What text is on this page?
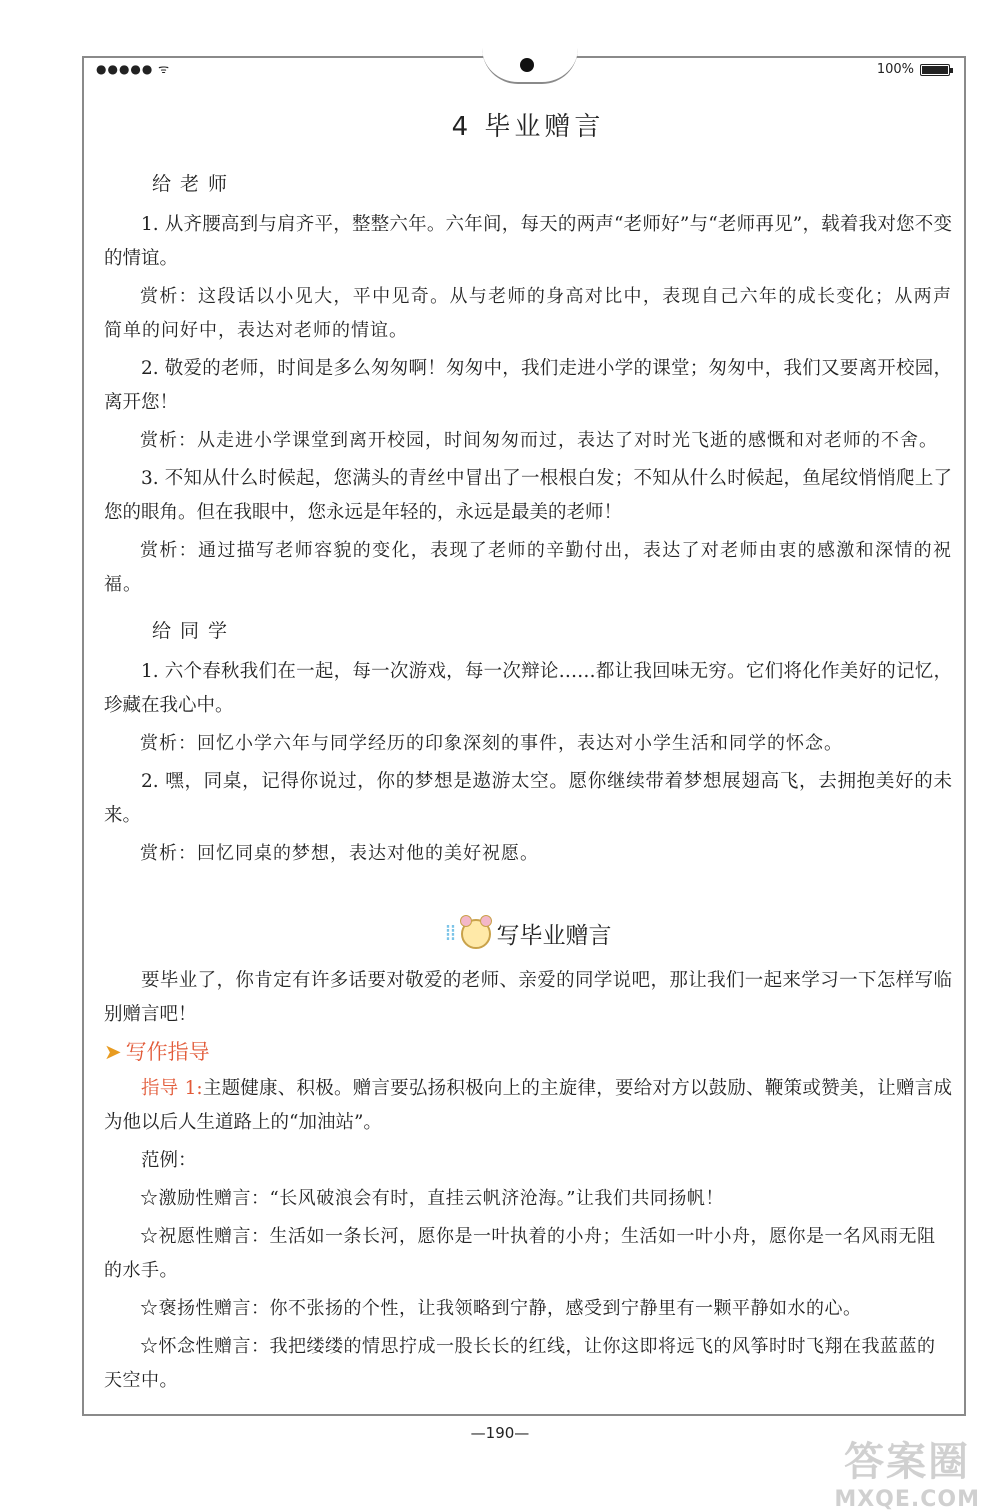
●●●●● ᯤ	100%
4 毕业赠言
给老师

1. 从齐腰高到与肩齐平，整整六年。六年间，每天的两声“老师好”与“老师再见”，载着我对您不变的情谊。

赏析：这段话以小见大，平中见奇。从与老师的身高对比中，表现自己六年的成长变化；从两声简单的问好中，表达对老师的情谊。

2. 敬爱的老师，时间是多么匆匆啊！匆匆中，我们走进小学的课堂；匆匆中，我们又要离开校园，离开您！

赏析：从走进小学课堂到离开校园，时间匆匆而过，表达了对时光飞逝的感慨和对老师的不舍。

3. 不知从什么时候起，您满头的青丝中冒出了一根根白发；不知从什么时候起，鱼尾纹悄悄爬上了您的眼角。但在我眼中，您永远是年轻的，永远是最美的老师！

赏析：通过描写老师容貌的变化，表现了老师的辛勤付出，表达了对老师由衷的感激和深情的祝福。

给同学

1. 六个春秋我们在一起，每一次游戏，每一次辩论……都让我回味无穷。它们将化作美好的记忆，珍藏在我心中。

赏析：回忆小学六年与同学经历的印象深刻的事件，表达对小学生活和同学的怀念。

2. 嘿，同桌，记得你说过，你的梦想是遨游太空。愿你继续带着梦想展翅高飞，去拥抱美好的未来。

赏析：回忆同桌的梦想，表达对他的美好祝愿。

⁞⁞ 写毕业赠言

要毕业了，你肯定有许多话要对敬爱的老师、亲爱的同学说吧，那让我们一起来学习一下怎样写临别赠言吧！

➤ 写作指导

指导 1:主题健康、积极。赠言要弘扬积极向上的主旋律，要给对方以鼓励、鞭策或赞美，让赠言成为他以后人生道路上的“加油站”。

范例：

☆激励性赠言：“长风破浪会有时，直挂云帆济沧海。”让我们共同扬帆！

☆祝愿性赠言：生活如一条长河，愿你是一叶执着的小舟；生活如一叶小舟，愿你是一名风雨无阻的水手。

☆褒扬性赠言：你不张扬的个性，让我领略到宁静，感受到宁静里有一颗平静如水的心。

☆怀念性赠言：我把缕缕的情思拧成一股长长的红线，让你这即将远飞的风筝时时飞翔在我蓝蓝的天空中。

—190—
答案圈
MXQE.COM
